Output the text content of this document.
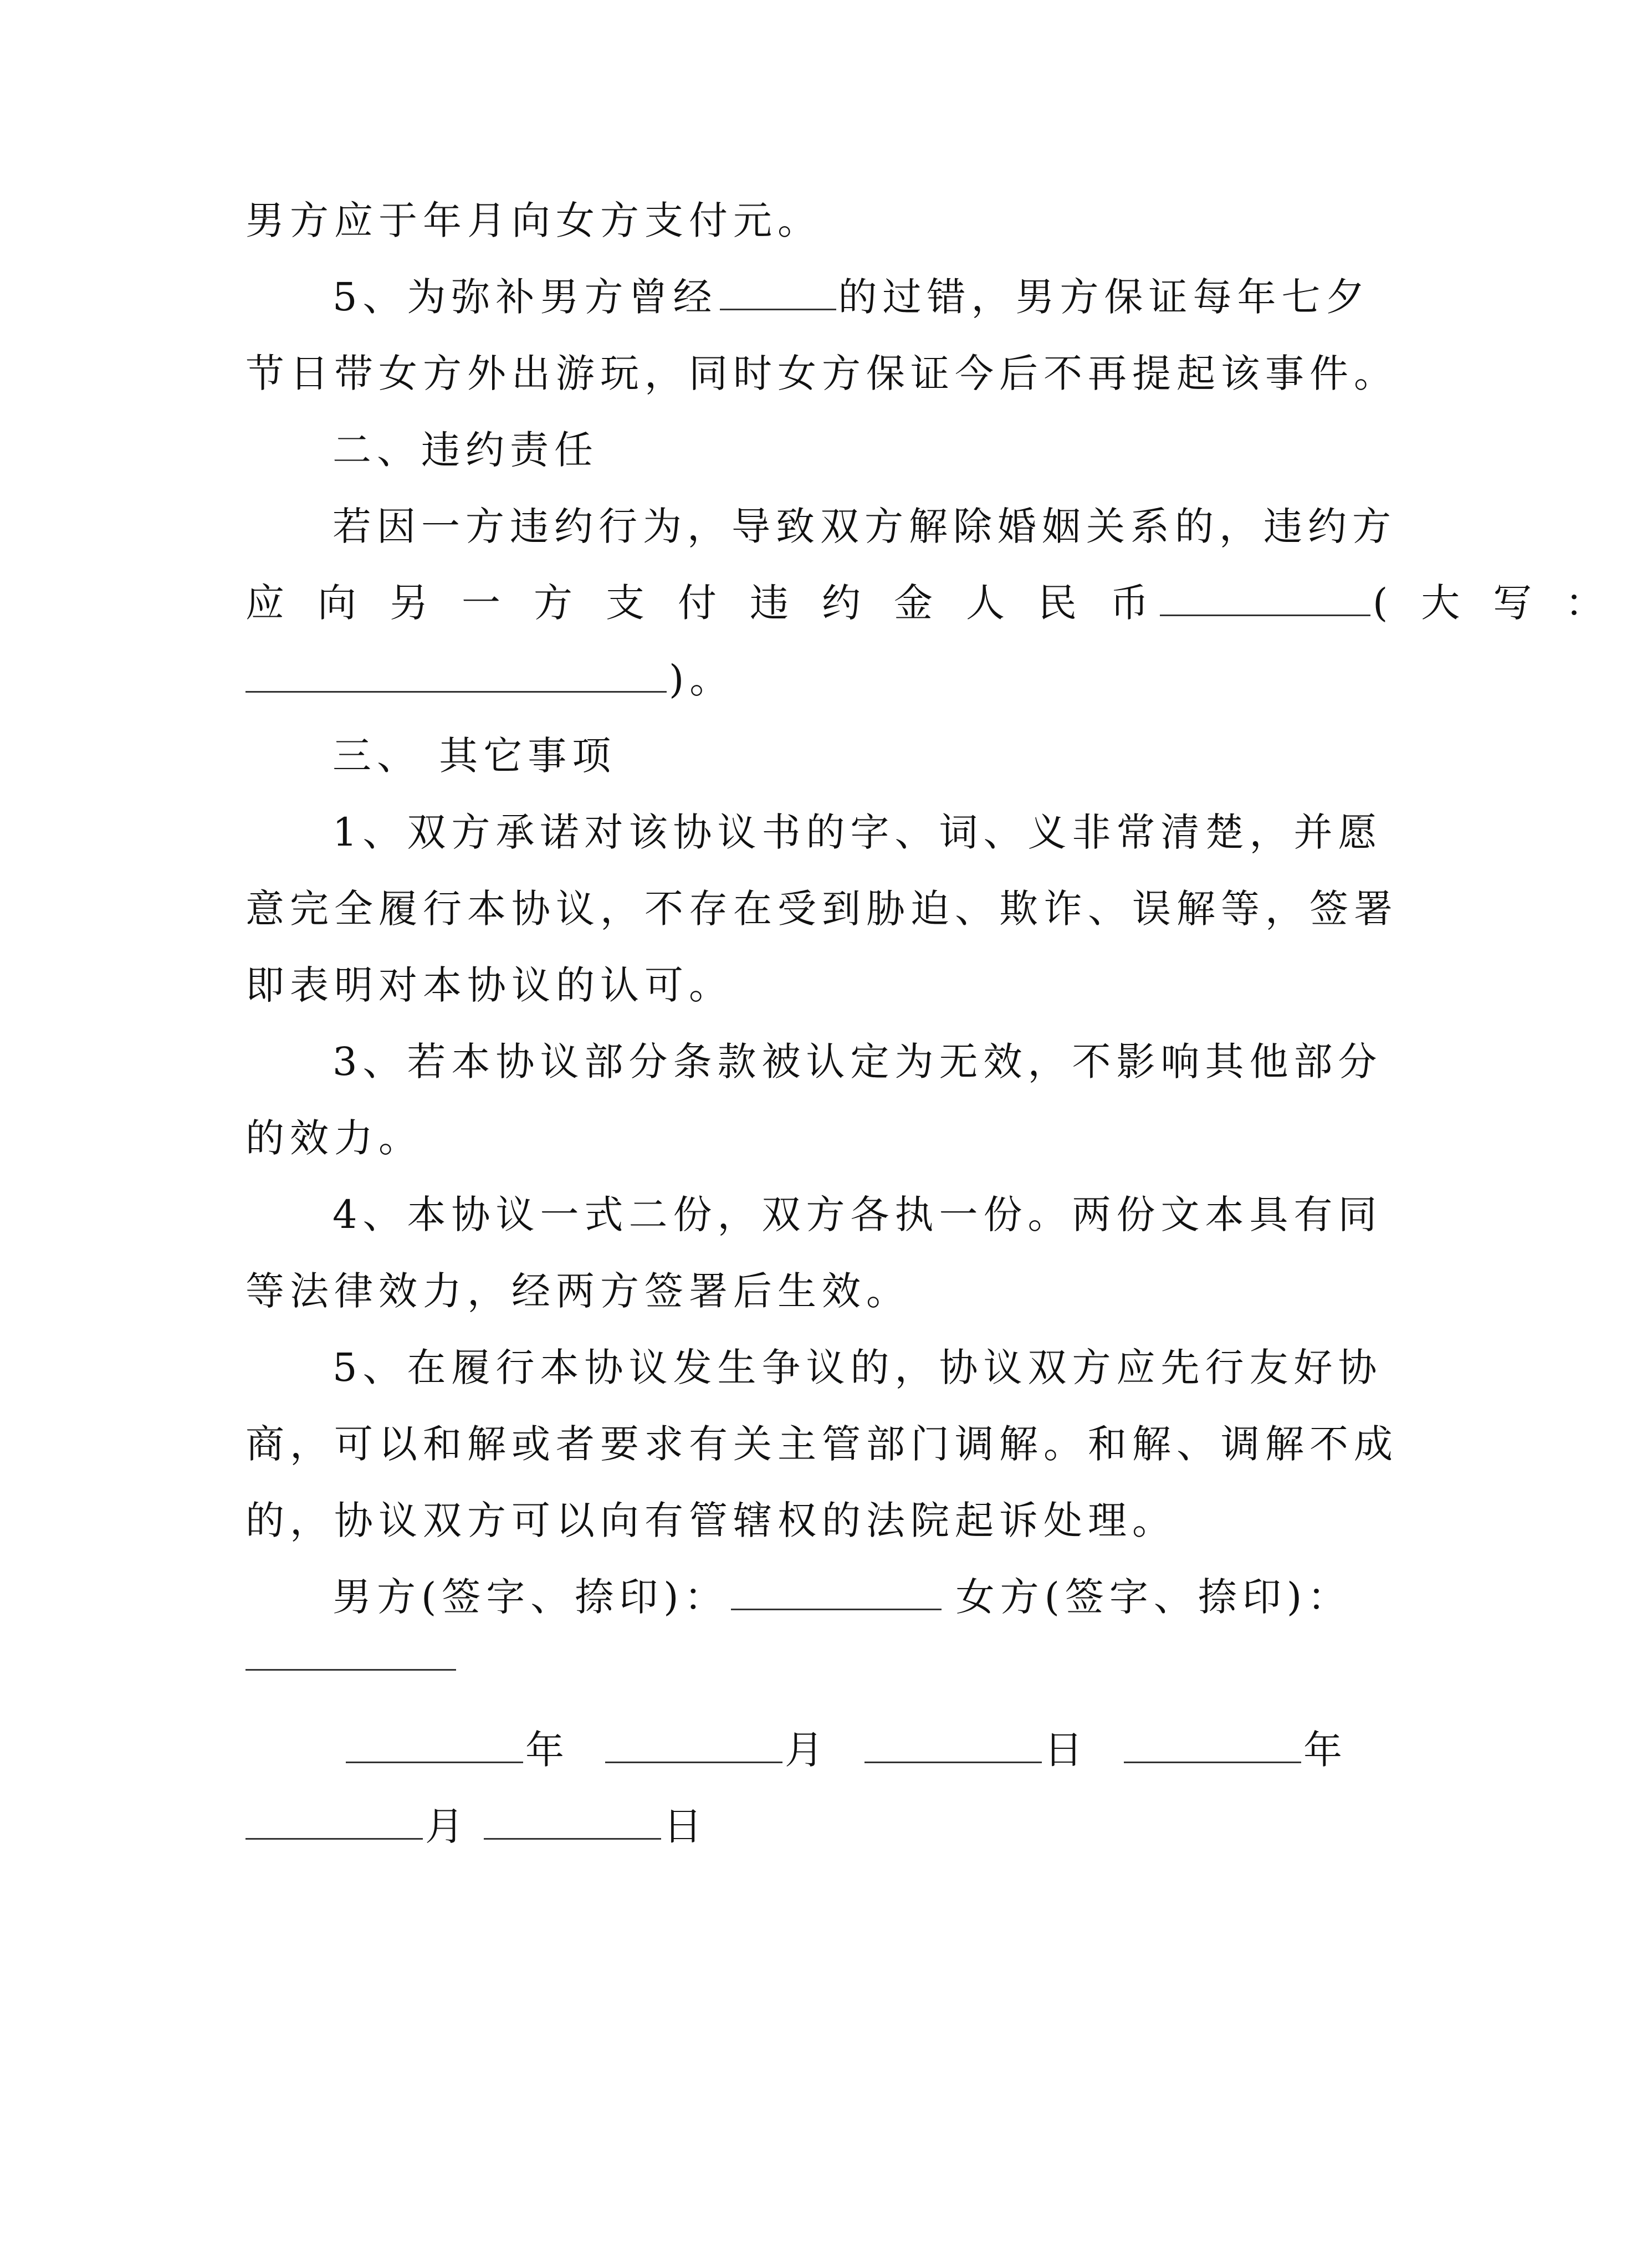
男方应于年月向女方支付元。
5、为弥补男方曾经	的过错，男方保证每年七夕
节日带女方外出游玩，同时女方保证今后不再提起该事件。
二、违约责任
若因一方违约行为，导致双方解除婚姻关系的，违约方
应向另一方支付违约金人民币	(大写：
)。
三、 其它事项
1、双方承诺对该协议书的字、词、义非常清楚，并愿
意完全履行本协议，不存在受到胁迫、欺诈、误解等，签署
即表明对本协议的认可。
3、若本协议部分条款被认定为无效，不影响其他部分
的效力。
4、本协议一式二份，双方各执一份。两份文本具有同
等法律效力，经两方签署后生效。
5、在履行本协议发生争议的，协议双方应先行友好协
商，可以和解或者要求有关主管部门调解。和解、调解不成
的，协议双方可以向有管辖权的法院起诉处理。
男方(签字、捺印)：	女方(签字、捺印)：
年	月	日	年
月	日
